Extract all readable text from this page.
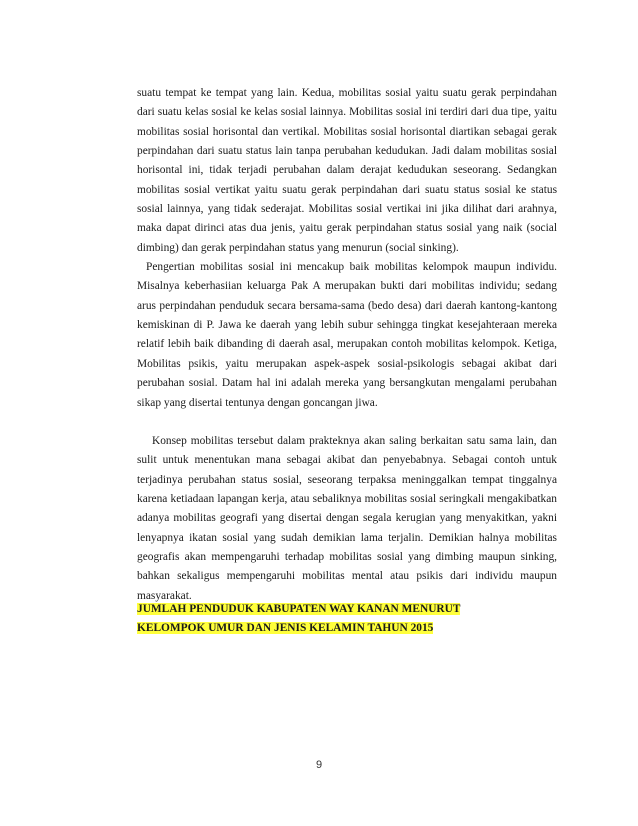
suatu tempat ke tempat yang lain. Kedua, mobilitas sosial yaitu suatu gerak perpindahan dari suatu kelas sosial ke kelas sosial lainnya. Mobilitas sosial ini terdiri dari dua tipe, yaitu mobilitas sosial horisontal dan vertikal. Mobilitas sosial horisontal diartikan sebagai gerak perpindahan dari suatu status lain tanpa perubahan kedudukan. Jadi dalam mobilitas sosial horisontal ini, tidak terjadi perubahan dalam derajat kedudukan seseorang. Sedangkan mobilitas sosial vertikat yaitu suatu gerak perpindahan dari suatu status sosial ke status sosial lainnya, yang tidak sederajat. Mobilitas sosial vertikai ini jika dilihat dari arahnya, maka dapat dirinci atas dua jenis, yaitu gerak perpindahan status sosial yang naik (social dimbing) dan gerak perpindahan status yang menurun (social sinking).

Pengertian mobilitas sosial ini mencakup baik mobilitas kelompok maupun individu. Misalnya keberhasiian keluarga Pak A merupakan bukti dari mobilitas individu; sedang arus perpindahan penduduk secara bersama-sama (bedo desa) dari daerah kantong-kantong kemiskinan di P. Jawa ke daerah yang lebih subur sehingga tingkat kesejahteraan mereka relatif lebih baik dibanding di daerah asal, merupakan contoh mobilitas kelompok. Ketiga, Mobilitas psikis, yaitu merupakan aspek-aspek sosial-psikologis sebagai akibat dari perubahan sosial. Datam hal ini adalah mereka yang bersangkutan mengalami perubahan sikap yang disertai tentunya dengan goncangan jiwa.

Konsep mobilitas tersebut dalam prakteknya akan saling berkaitan satu sama lain, dan sulit untuk menentukan mana sebagai akibat dan penyebabnya. Sebagai contoh untuk terjadinya perubahan status sosial, seseorang terpaksa meninggalkan tempat tinggalnya karena ketiadaan lapangan kerja, atau sebaliknya mobilitas sosial seringkali mengakibatkan adanya mobilitas geografi yang disertai dengan segala kerugian yang menyakitkan, yakni lenyapnya ikatan sosial yang sudah demikian lama terjalin. Demikian halnya mobilitas geografis akan mempengaruhi terhadap mobilitas sosial yang dimbing maupun sinking, bahkan sekaligus mempengaruhi mobilitas mental atau psikis dari individu maupun masyarakat.

JUMLAH PENDUDUK KABUPATEN WAY KANAN MENURUT
KELOMPOK UMUR DAN JENIS KELAMIN TAHUN 2015
9
